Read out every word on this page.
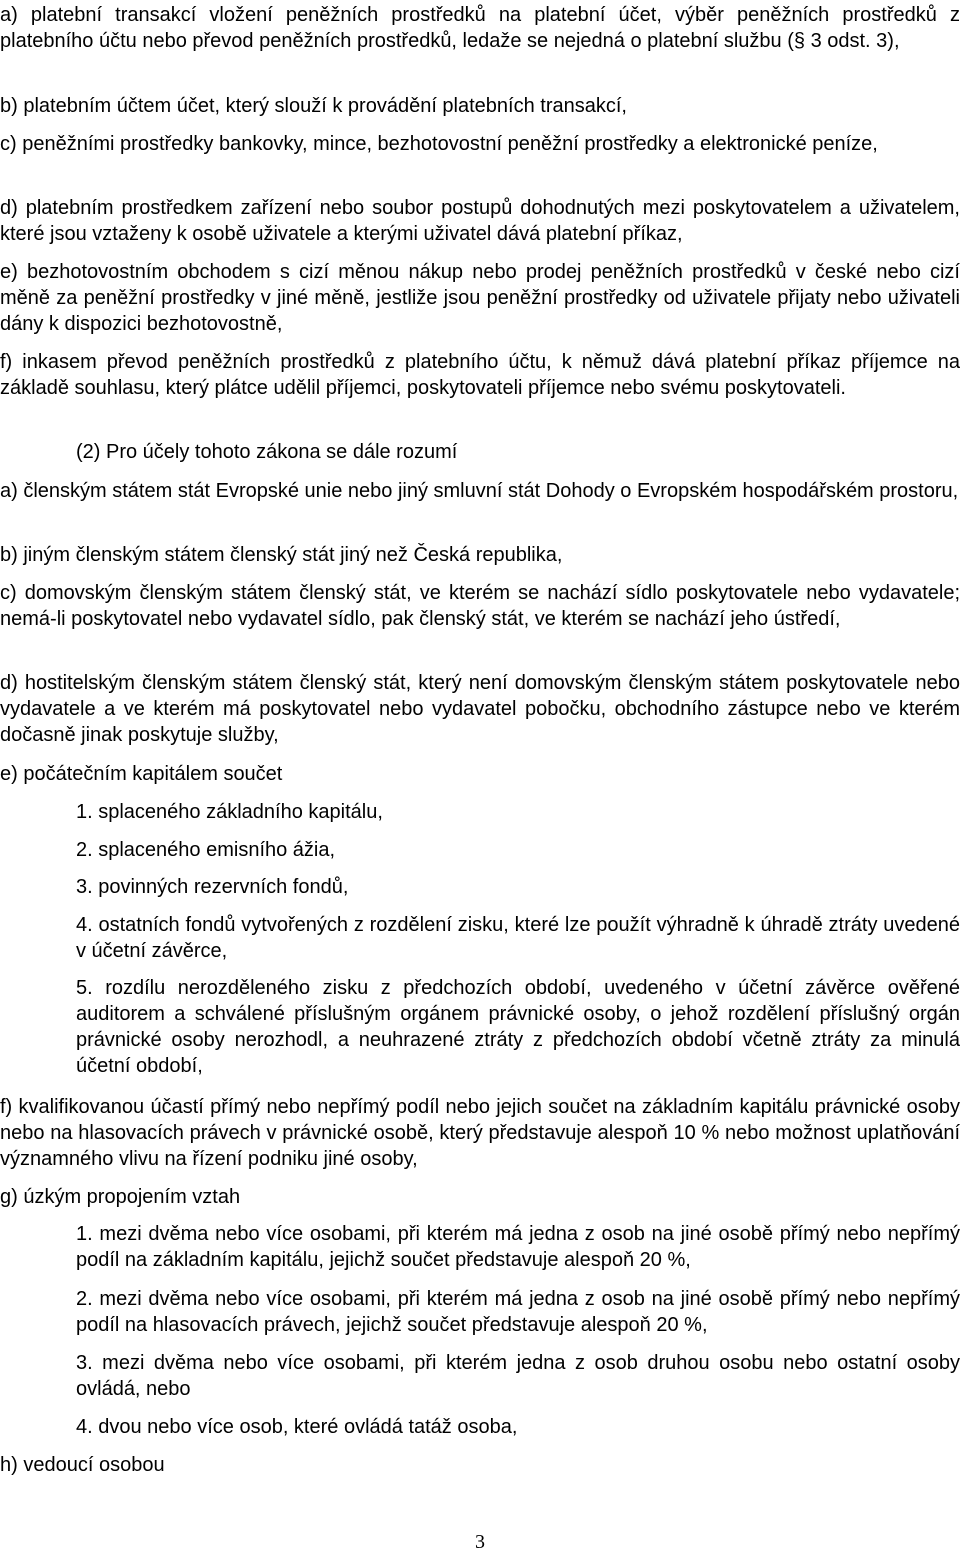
a) platební transakcí vložení peněžních prostředků na platební účet, výběr peněžních prostředků z platebního účtu nebo převod peněžních prostředků, ledaže se nejedná o platební službu (§ 3 odst. 3),

b) platebním účtem účet, který slouží k provádění platebních transakcí,

c) peněžními prostředky bankovky, mince, bezhotovostní peněžní prostředky a elektronické peníze,

d) platebním prostředkem zařízení nebo soubor postupů dohodnutých mezi poskytovatelem a uživatelem, které jsou vztaženy k osobě uživatele a kterými uživatel dává platební příkaz,

e) bezhotovostním obchodem s cizí měnou nákup nebo prodej peněžních prostředků v české nebo cizí měně za peněžní prostředky v jiné měně, jestliže jsou peněžní prostředky od uživatele přijaty nebo uživateli dány k dispozici bezhotovostně,

f) inkasem převod peněžních prostředků z platebního účtu, k němuž dává platební příkaz příjemce na základě souhlasu, který plátce udělil příjemci, poskytovateli příjemce nebo svému poskytovateli.

(2) Pro účely tohoto zákona se dále rozumí

a) členským státem stát Evropské unie nebo jiný smluvní stát Dohody o Evropském hospodářském prostoru,

b) jiným členským státem členský stát jiný než Česká republika,

c) domovským členským státem členský stát, ve kterém se nachází sídlo poskytovatele nebo vydavatele; nemá-li poskytovatel nebo vydavatel sídlo, pak členský stát, ve kterém se nachází jeho ústředí,

d) hostitelským členským státem členský stát, který není domovským členským státem poskytovatele nebo vydavatele a ve kterém má poskytovatel nebo vydavatel pobočku, obchodního zástupce nebo ve kterém dočasně jinak poskytuje služby,

e) počátečním kapitálem součet

1. splaceného základního kapitálu,

2. splaceného emisního ážia,

3. povinných rezervních fondů,

4. ostatních fondů vytvořených z rozdělení zisku, které lze použít výhradně k úhradě ztráty uvedené v účetní závěrce,

5. rozdílu nerozděleného zisku z předchozích období, uvedeného v účetní závěrce ověřené auditorem a schválené příslušným orgánem právnické osoby, o jehož rozdělení příslušný orgán právnické osoby nerozhodl, a neuhrazené ztráty z předchozích období včetně ztráty za minulá účetní období,

f) kvalifikovanou účastí přímý nebo nepřímý podíl nebo jejich součet na základním kapitálu právnické osoby nebo na hlasovacích právech v právnické osobě, který představuje alespoň 10 % nebo možnost uplatňování významného vlivu na řízení podniku jiné osoby,

g) úzkým propojením vztah

1. mezi dvěma nebo více osobami, při kterém má jedna z osob na jiné osobě přímý nebo nepřímý podíl na základním kapitálu, jejichž součet představuje alespoň 20 %,

2. mezi dvěma nebo více osobami, při kterém má jedna z osob na jiné osobě přímý nebo nepřímý podíl na hlasovacích právech, jejichž součet představuje alespoň 20 %,

3. mezi dvěma nebo více osobami, při kterém jedna z osob druhou osobu nebo ostatní osoby ovládá, nebo

4. dvou nebo více osob, které ovládá tatáž osoba,

h) vedoucí osobou

3
